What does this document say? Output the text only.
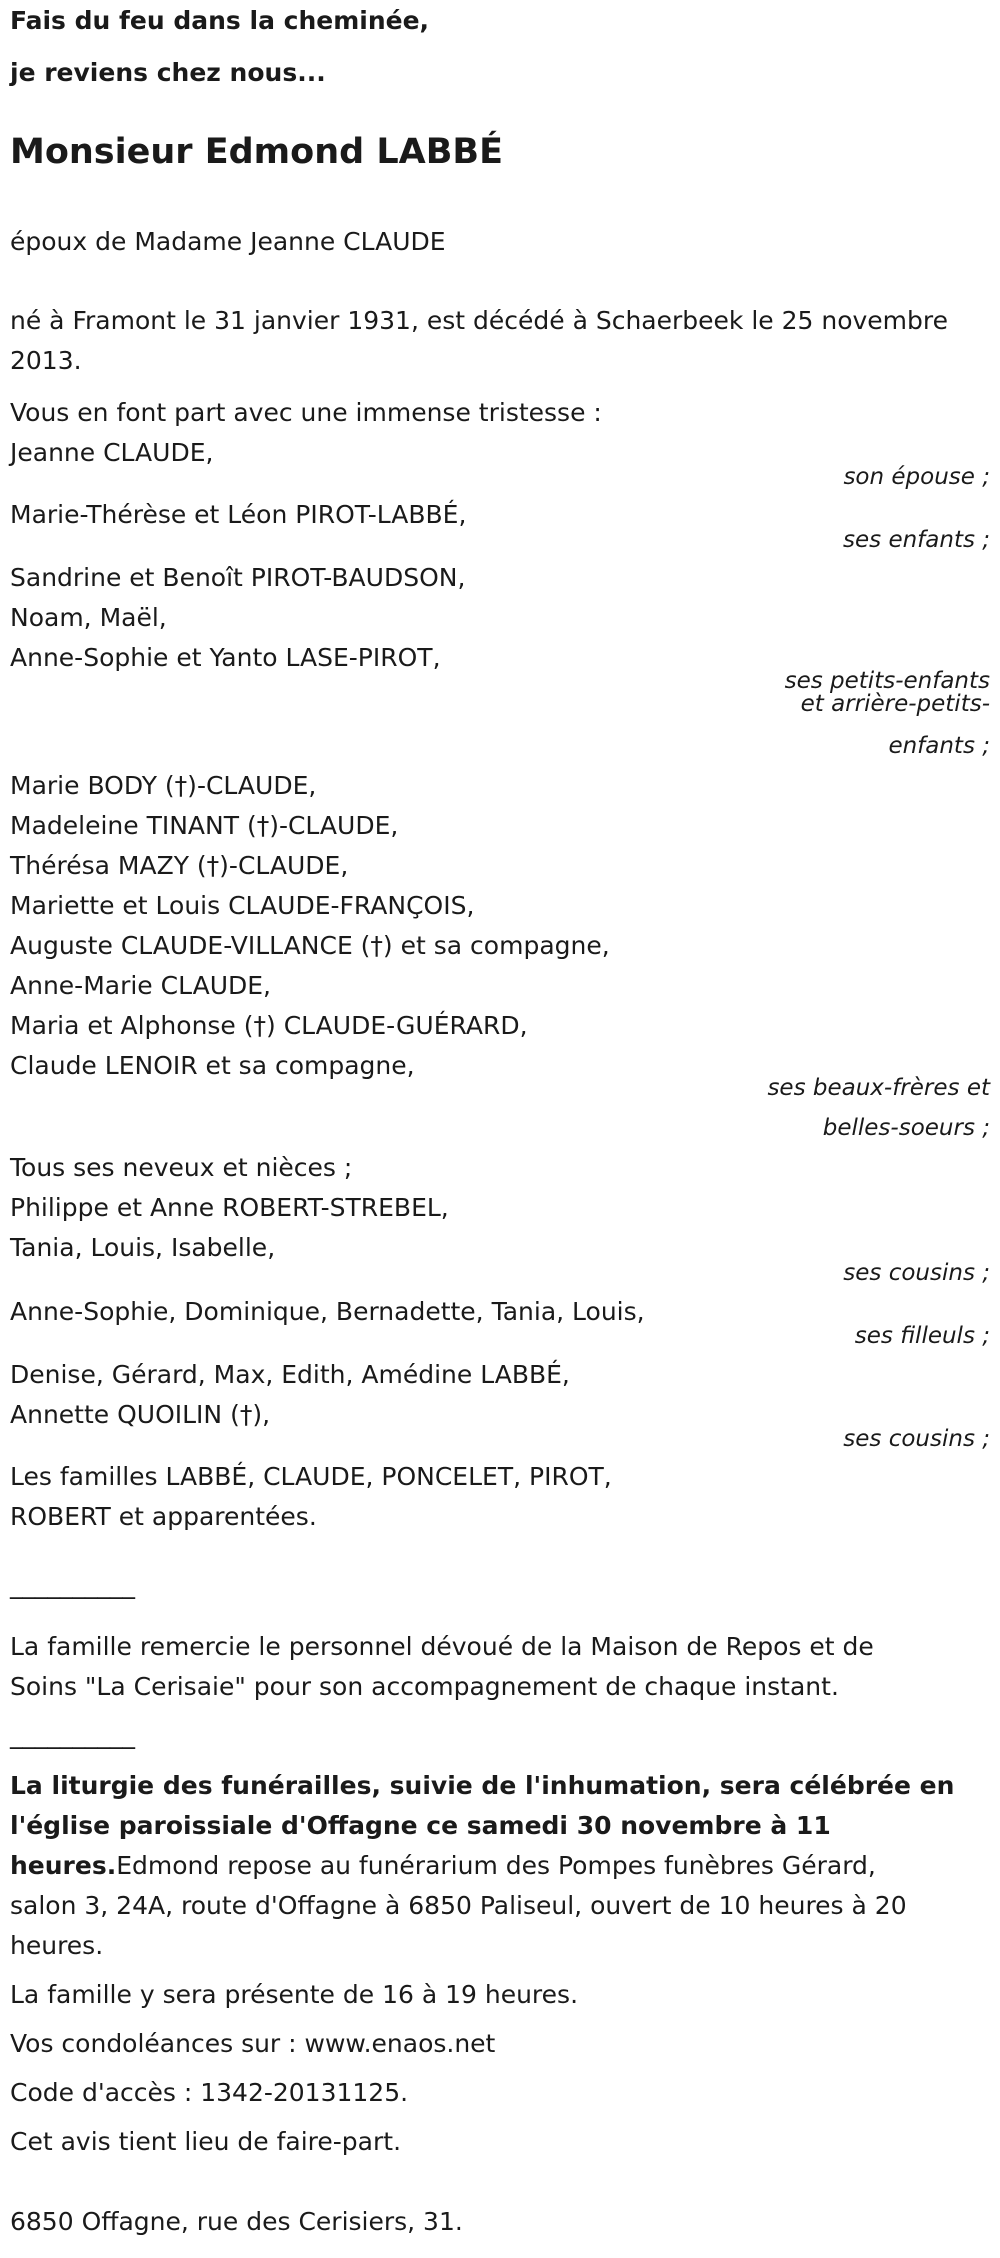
Fais du feu dans la cheminée,
je reviens chez nous...
Monsieur Edmond LABBÉ
époux de Madame Jeanne CLAUDE
né à Framont le 31 janvier 1931, est décédé à Schaerbeek le 25 novembre
2013.
Vous en font part avec une immense tristesse :
Jeanne CLAUDE,
son épouse ;
Marie-Thérèse et Léon PIROT-LABBÉ,
ses enfants ;
Sandrine et Benoît PIROT-BAUDSON,
Noam, Maël,
Anne-Sophie et Yanto LASE-PIROT,
ses petits-enfants
et arrière-petits-
enfants ;
Marie BODY (†)-CLAUDE,
Madeleine TINANT (†)-CLAUDE,
Thérésa MAZY (†)-CLAUDE,
Mariette et Louis CLAUDE-FRANÇOIS,
Auguste CLAUDE-VILLANCE (†) et sa compagne,
Anne-Marie CLAUDE,
Maria et Alphonse (†) CLAUDE-GUÉRARD,
Claude LENOIR et sa compagne,
ses beaux-frères et
belles-soeurs ;
Tous ses neveux et nièces ;
Philippe et Anne ROBERT-STREBEL,
Tania, Louis, Isabelle,
ses cousins ;
Anne-Sophie, Dominique, Bernadette, Tania, Louis,
ses filleuls ;
Denise, Gérard, Max, Edith, Amédine LABBÉ,
Annette QUOILIN (†),
ses cousins ;
Les familles LABBÉ, CLAUDE, PONCELET, PIROT,
ROBERT et apparentées.
__________
La famille remercie le personnel dévoué de la Maison de Repos et de
Soins "La Cerisaie" pour son accompagnement de chaque instant.
__________
La liturgie des funérailles, suivie de l'inhumation, sera célébrée en
l'église paroissiale d'Offagne ce samedi 30 novembre à 11
heures.Edmond repose au funérarium des Pompes funèbres Gérard,
salon 3, 24A, route d'Offagne à 6850 Paliseul, ouvert de 10 heures à 20
heures.
La famille y sera présente de 16 à 19 heures.
Vos condoléances sur : www.enaos.net
Code d'accès : 1342-20131125.
Cet avis tient lieu de faire-part.
6850 Offagne, rue des Cerisiers, 31.
